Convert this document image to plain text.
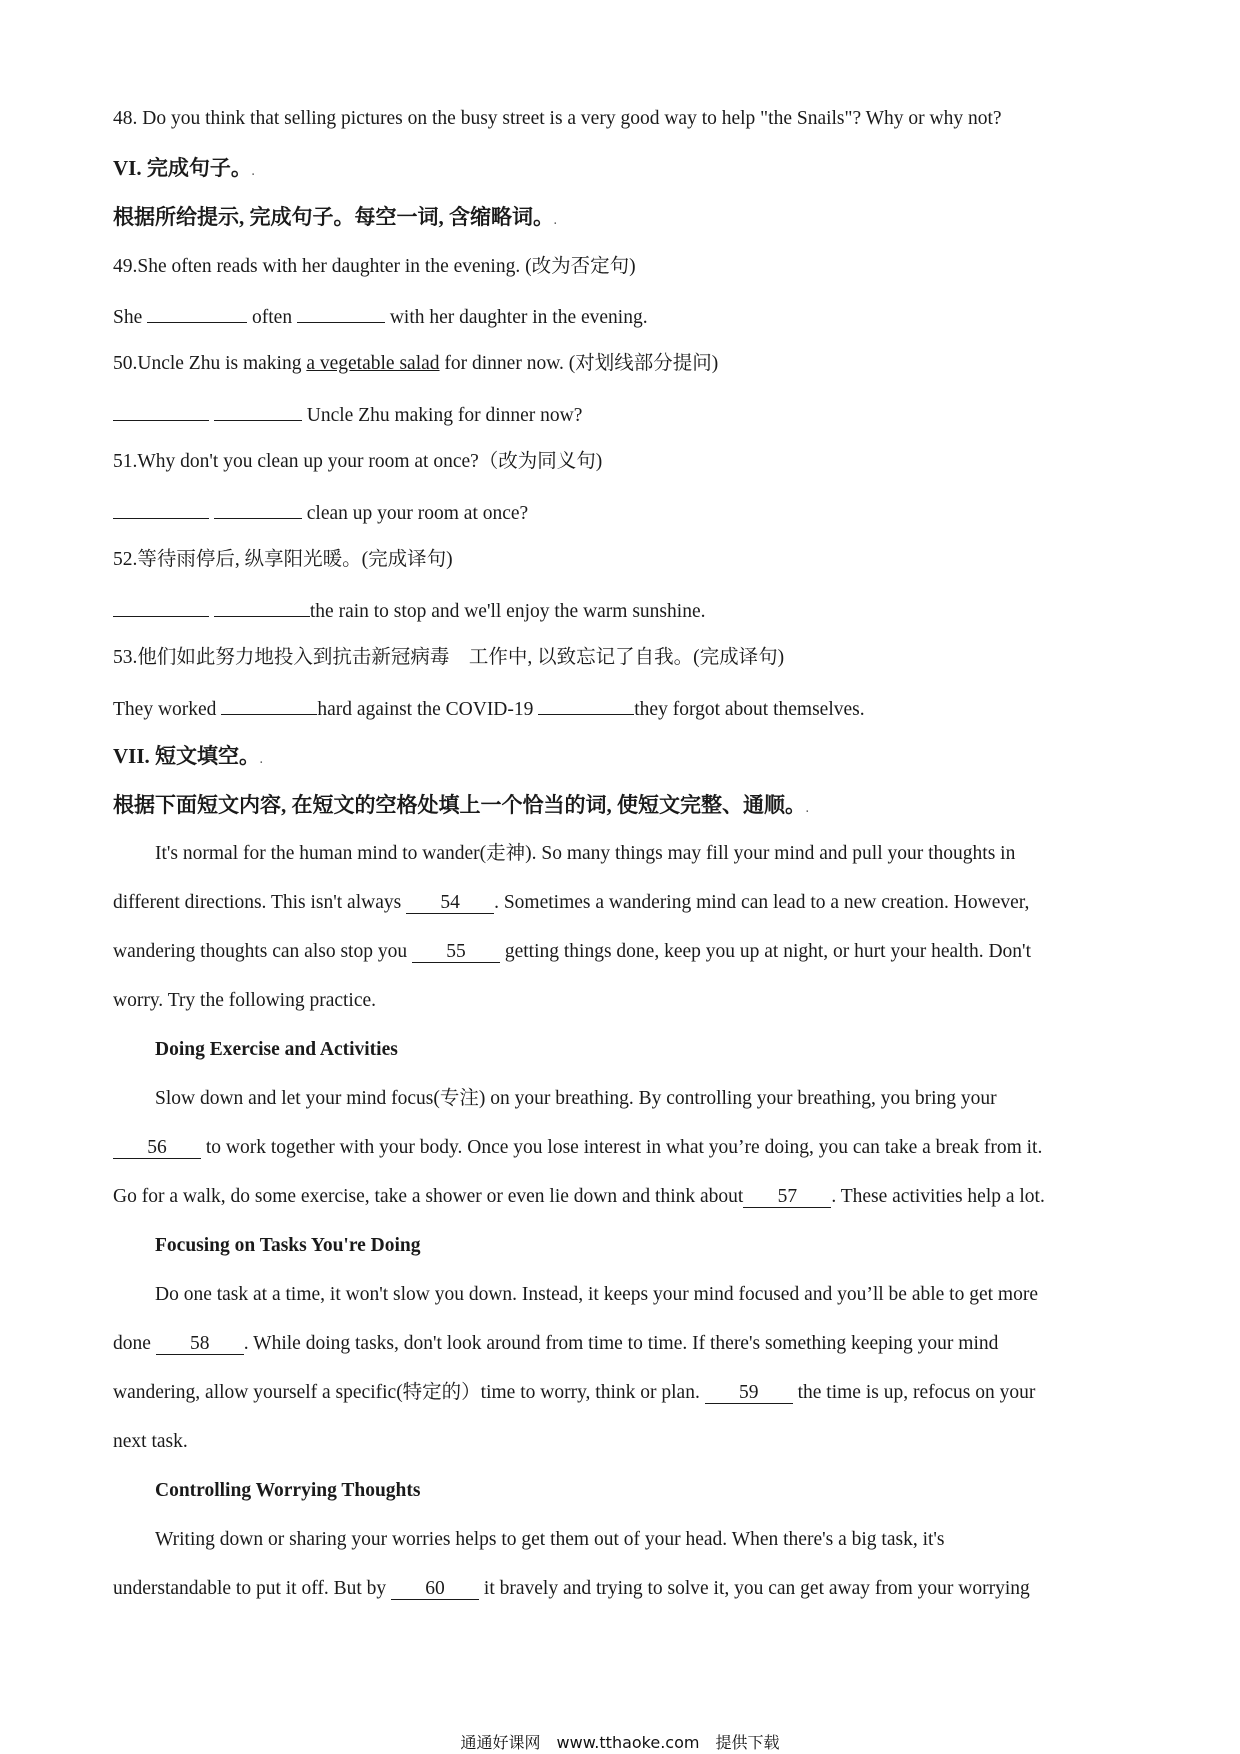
48. Do you think that selling pictures on the busy street is a very good way to help "the Snails"? Why or why not?
VI. 完成句子。.
根据所给提示, 完成句子。每空一词, 含缩略词。.
49.She often reads with her daughter in the evening. (改为否定句)
She	often	with her daughter in the evening.
50.Uncle Zhu is making a vegetable salad for dinner now. (对划线部分提问)
Uncle Zhu making for dinner now?
51.Why don't you clean up your room at once?（改为同义句)
clean up your room at once?
52.等待雨停后, 纵享阳光暖。(完成译句)
the rain to stop and we'll enjoy the warm sunshine.
53.他们如此努力地投入到抗击新冠病毒　工作中, 以致忘记了自我。(完成译句)
They worked	hard against the COVID-19	they forgot about themselves.
VII. 短文填空。.
根据下面短文内容, 在短文的空格处填上一个恰当的词, 使短文完整、通顺。.
It's normal for the human mind to wander(走神). So many things may fill your mind and pull your thoughts in
different directions. This isn't always 54 . Sometimes a wandering mind can lead to a new creation. However,
wandering thoughts can also stop you 55 getting things done, keep you up at night, or hurt your health. Don't
worry. Try the following practice.
Doing Exercise and Activities
Slow down and let your mind focus(专注) on your breathing. By controlling your breathing, you bring your
56 to work together with your body. Once you lose interest in what you’re doing, you can take a break from it.
Go for a walk, do some exercise, take a shower or even lie down and think about 57 . These activities help a lot.
Focusing on Tasks You're Doing
Do one task at a time, it won't slow you down. Instead, it keeps your mind focused and you’ll be able to get more
done 58 . While doing tasks, don't look around from time to time. If there's something keeping your mind
wandering, allow yourself a specific(特定的）time to worry, think or plan. 59 the time is up, refocus on your
next task.
Controlling Worrying Thoughts
Writing down or sharing your worries helps to get them out of your head. When there's a big task, it's
understandable to put it off. But by 60 it bravely and trying to solve it, you can get away from your worrying
通通好课网　www.tthaoke.com　提供下载
